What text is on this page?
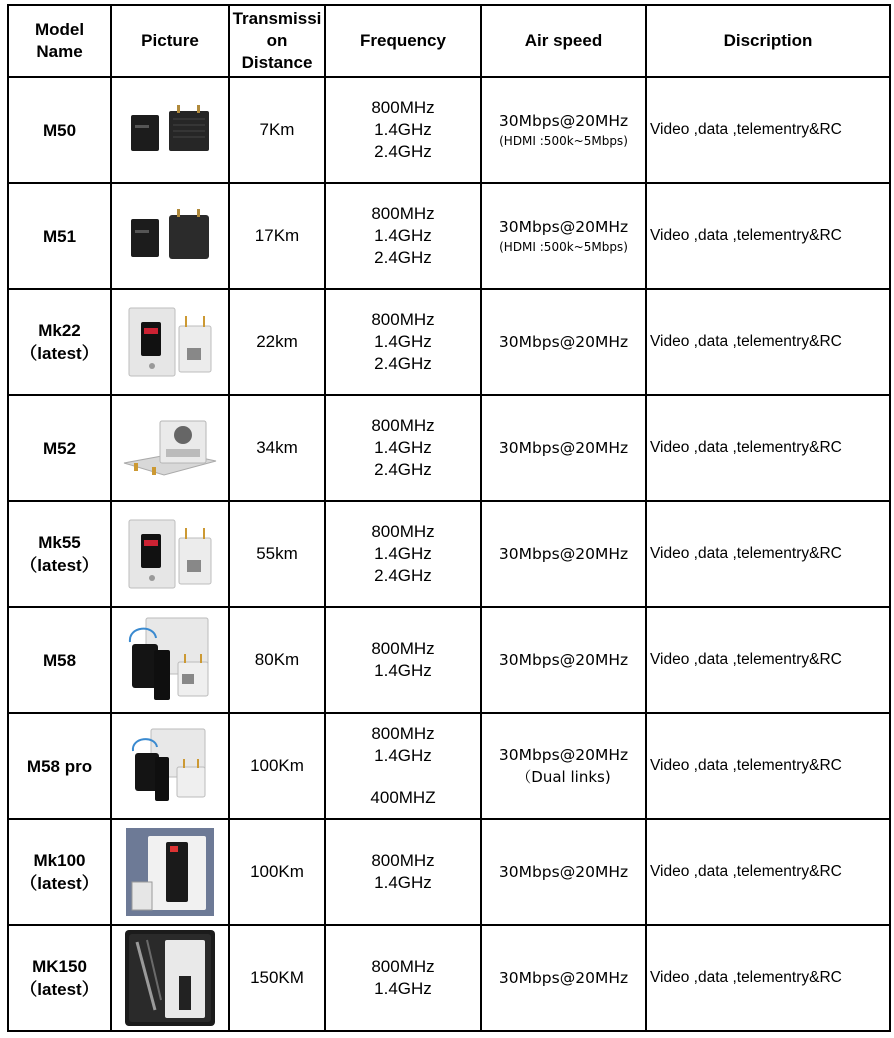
Model
Name	Picture	Transmissi
on
Distance	Frequency	Air speed	Discription
M50		7Km	800MHz
1.4GHz
2.4GHz	30Mbps@20MHz
(HDMI :500k~5Mbps)	Video ,data ,telementry&RC
M51		17Km	800MHz
1.4GHz
2.4GHz	30Mbps@20MHz
(HDMI :500k~5Mbps)	Video ,data ,telementry&RC
Mk22
（latest）		22km	800MHz
1.4GHz
2.4GHz	30Mbps@20MHz	Video ,data ,telementry&RC
M52		34km	800MHz
1.4GHz
2.4GHz	30Mbps@20MHz	Video ,data ,telementry&RC
Mk55
（latest）		55km	800MHz
1.4GHz
2.4GHz	30Mbps@20MHz	Video ,data ,telementry&RC
M58		80Km	800MHz
1.4GHz	30Mbps@20MHz	Video ,data ,telementry&RC
M58 pro		100Km	800MHz
1.4GHz
400MHZ	30Mbps@20MHz
（Dual links)	Video ,data ,telementry&RC
Mk100
（latest）		100Km	800MHz
1.4GHz	30Mbps@20MHz	Video ,data ,telementry&RC
MK150
（latest）		150KM	800MHz
1.4GHz	30Mbps@20MHz	Video ,data ,telementry&RC
